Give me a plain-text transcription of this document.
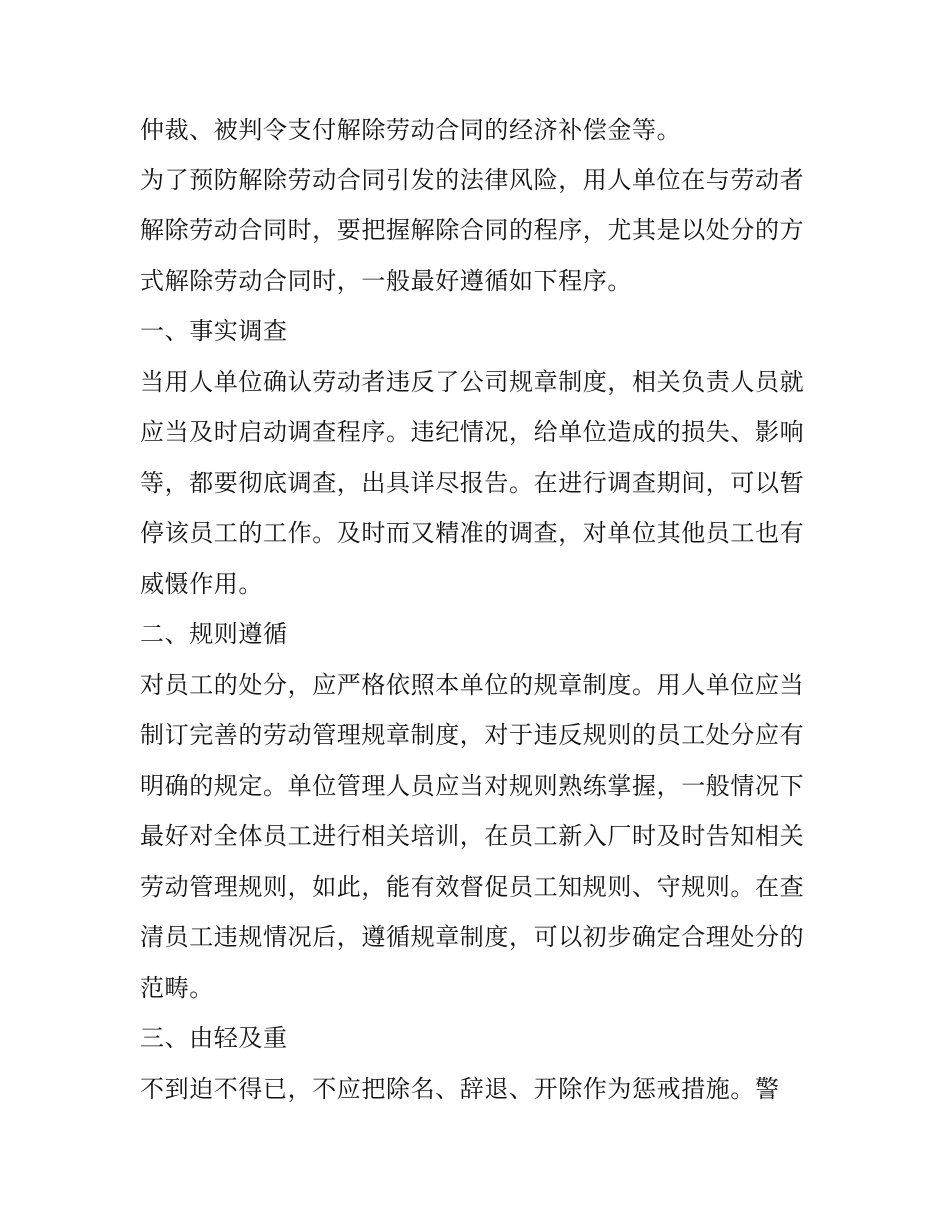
仲裁、被判令支付解除劳动合同的经济补偿金等。
为了预防解除劳动合同引发的法律风险，用人单位在与劳动者
解除劳动合同时，要把握解除合同的程序，尤其是以处分的方
式解除劳动合同时，一般最好遵循如下程序。
一、事实调查
当用人单位确认劳动者违反了公司规章制度，相关负责人员就
应当及时启动调查程序。违纪情况，给单位造成的损失、影响
等，都要彻底调查，出具详尽报告。在进行调查期间，可以暂
停该员工的工作。及时而又精准的调查，对单位其他员工也有
威慑作用。
二、规则遵循
对员工的处分，应严格依照本单位的规章制度。用人单位应当
制订完善的劳动管理规章制度，对于违反规则的员工处分应有
明确的规定。单位管理人员应当对规则熟练掌握，一般情况下
最好对全体员工进行相关培训，在员工新入厂时及时告知相关
劳动管理规则，如此，能有效督促员工知规则、守规则。在查
清员工违规情况后，遵循规章制度，可以初步确定合理处分的
范畴。
三、由轻及重
不到迫不得已，不应把除名、辞退、开除作为惩戒措施。警
